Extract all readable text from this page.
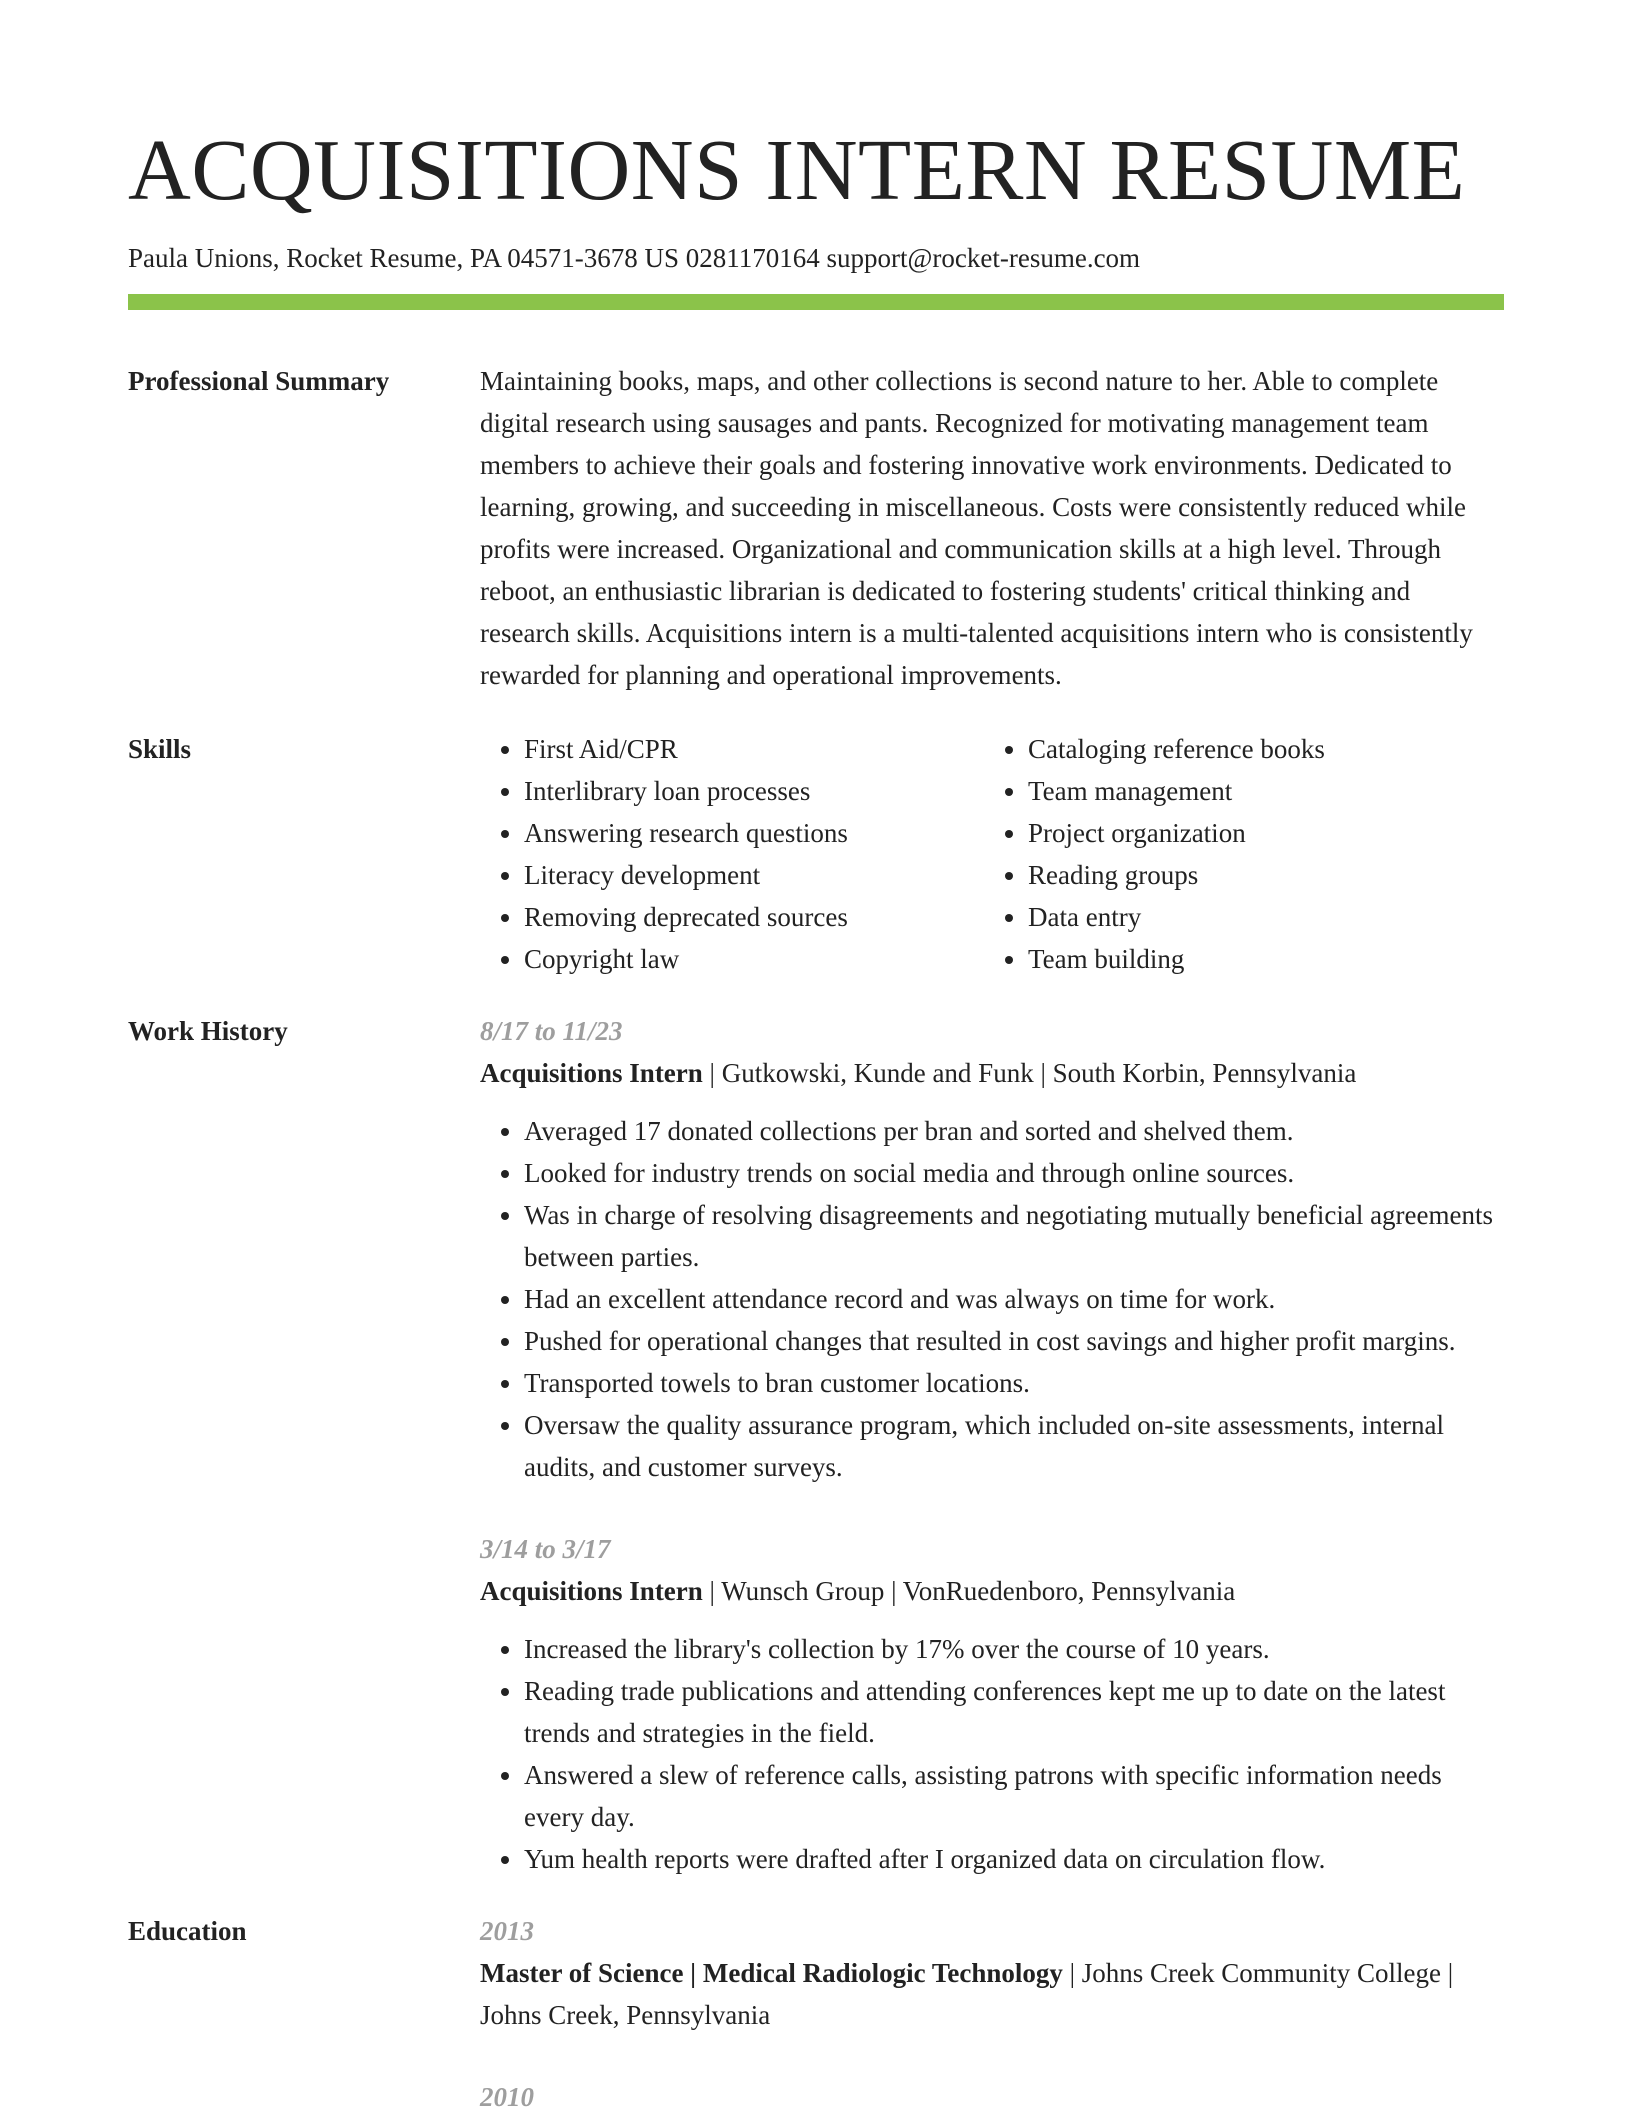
ACQUISITIONS INTERN RESUME
Paula Unions, Rocket Resume, PA 04571-3678 US 0281170164 support@rocket-resume.com
Professional Summary	Maintaining books, maps, and other collections is second nature to her. Able to complete digital research using sausages and pants. Recognized for motivating management team members to achieve their goals and fostering innovative work environments. Dedicated to learning, growing, and succeeding in miscellaneous. Costs were consistently reduced while profits were increased. Organizational and communication skills at a high level. Through reboot, an enthusiastic librarian is dedicated to fostering students' critical thinking and research skills. Acquisitions intern is a multi-talented acquisitions intern who is consistently rewarded for planning and operational improvements.

Skills
•	First Aid/CPR
• Interlibrary loan processes
• Answering research questions
• Literacy development
• Removing deprecated sources
• Copyright law
• Cataloging reference books
• Team management
• Project organization
• Reading groups
• Data entry
• Team building
Work History	8/17 to 11/23
Acquisitions Intern | Gutkowski, Kunde and Funk | South Korbin, Pennsylvania
• Averaged 17 donated collections per bran and sorted and shelved them.
• Looked for industry trends on social media and through online sources.
• Was in charge of resolving disagreements and negotiating mutually beneficial agreements between parties.
• Had an excellent attendance record and was always on time for work.
• Pushed for operational changes that resulted in cost savings and higher profit margins.
• Transported towels to bran customer locations.
• Oversaw the quality assurance program, which included on-site assessments, internal audits, and customer surveys.
3/14 to 3/17
Acquisitions Intern | Wunsch Group | VonRuedenboro, Pennsylvania
• Increased the library's collection by 17% over the course of 10 years.
• Reading trade publications and attending conferences kept me up to date on the latest trends and strategies in the field.
• Answered a slew of reference calls, assisting patrons with specific information needs every day.
• Yum health reports were drafted after I organized data on circulation flow.
Education	2013
Master of Science | Medical Radiologic Technology | Johns Creek Community College | Johns Creek, Pennsylvania
2010
